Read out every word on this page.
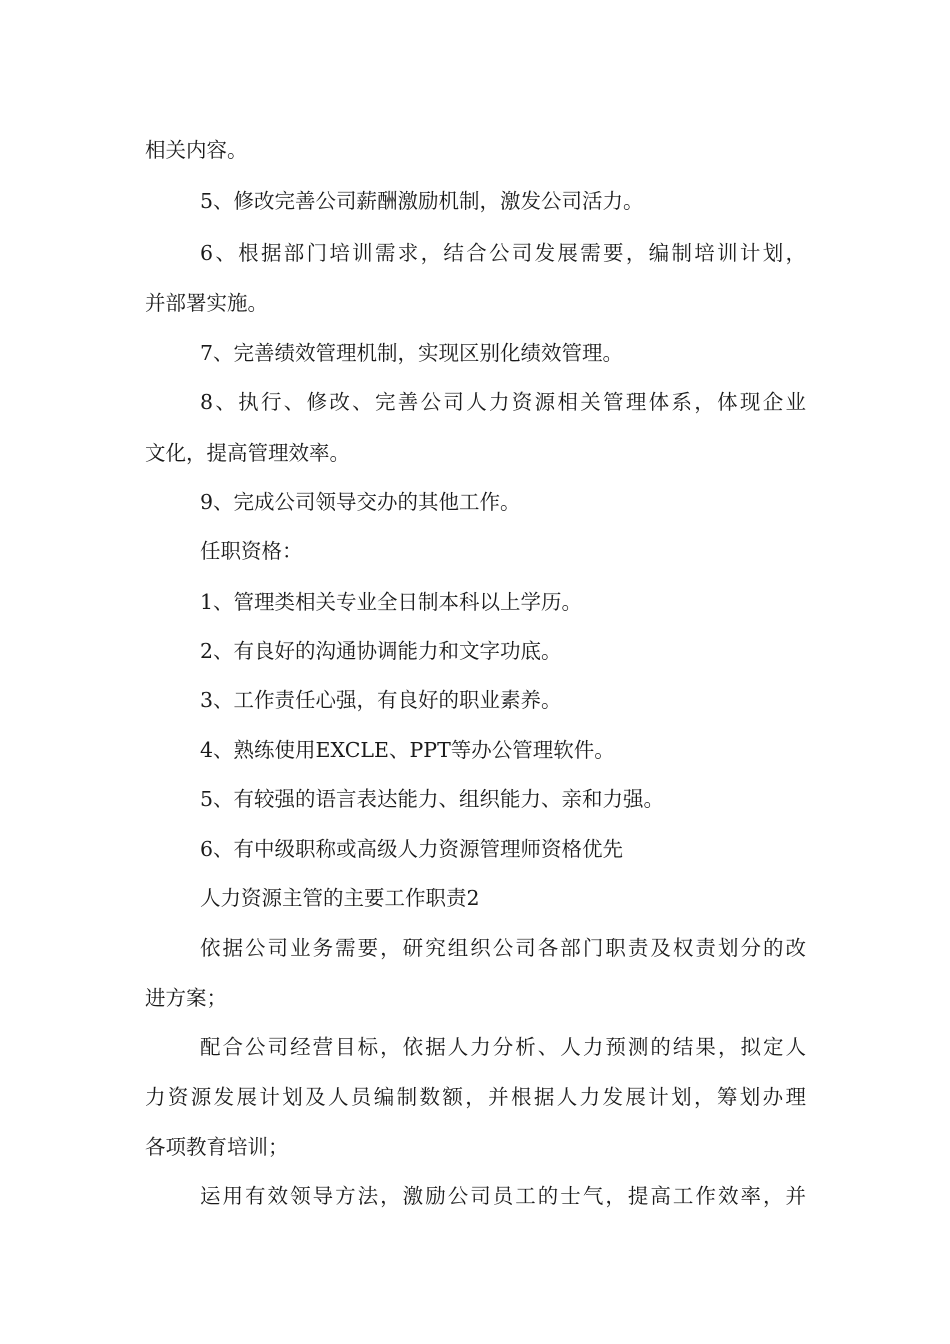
相关内容。
5、修改完善公司薪酬激励机制，激发公司活力。
6、根据部门培训需求，结合公司发展需要，编制培训计划，
并部署实施。
7、完善绩效管理机制，实现区别化绩效管理。
8、执行、修改、完善公司人力资源相关管理体系，体现企业
文化，提高管理效率。
9、完成公司领导交办的其他工作。
任职资格：
1、管理类相关专业全日制本科以上学历。
2、有良好的沟通协调能力和文字功底。
3、工作责任心强，有良好的职业素养。
4、熟练使用EXCLE、PPT等办公管理软件。
5、有较强的语言表达能力、组织能力、亲和力强。
6、有中级职称或高级人力资源管理师资格优先
人力资源主管的主要工作职责2
依据公司业务需要，研究组织公司各部门职责及权责划分的改
进方案；
配合公司经营目标，依据人力分析、人力预测的结果，拟定人
力资源发展计划及人员编制数额，并根据人力发展计划，筹划办理
各项教育培训；
运用有效领导方法，激励公司员工的士气，提高工作效率，并
